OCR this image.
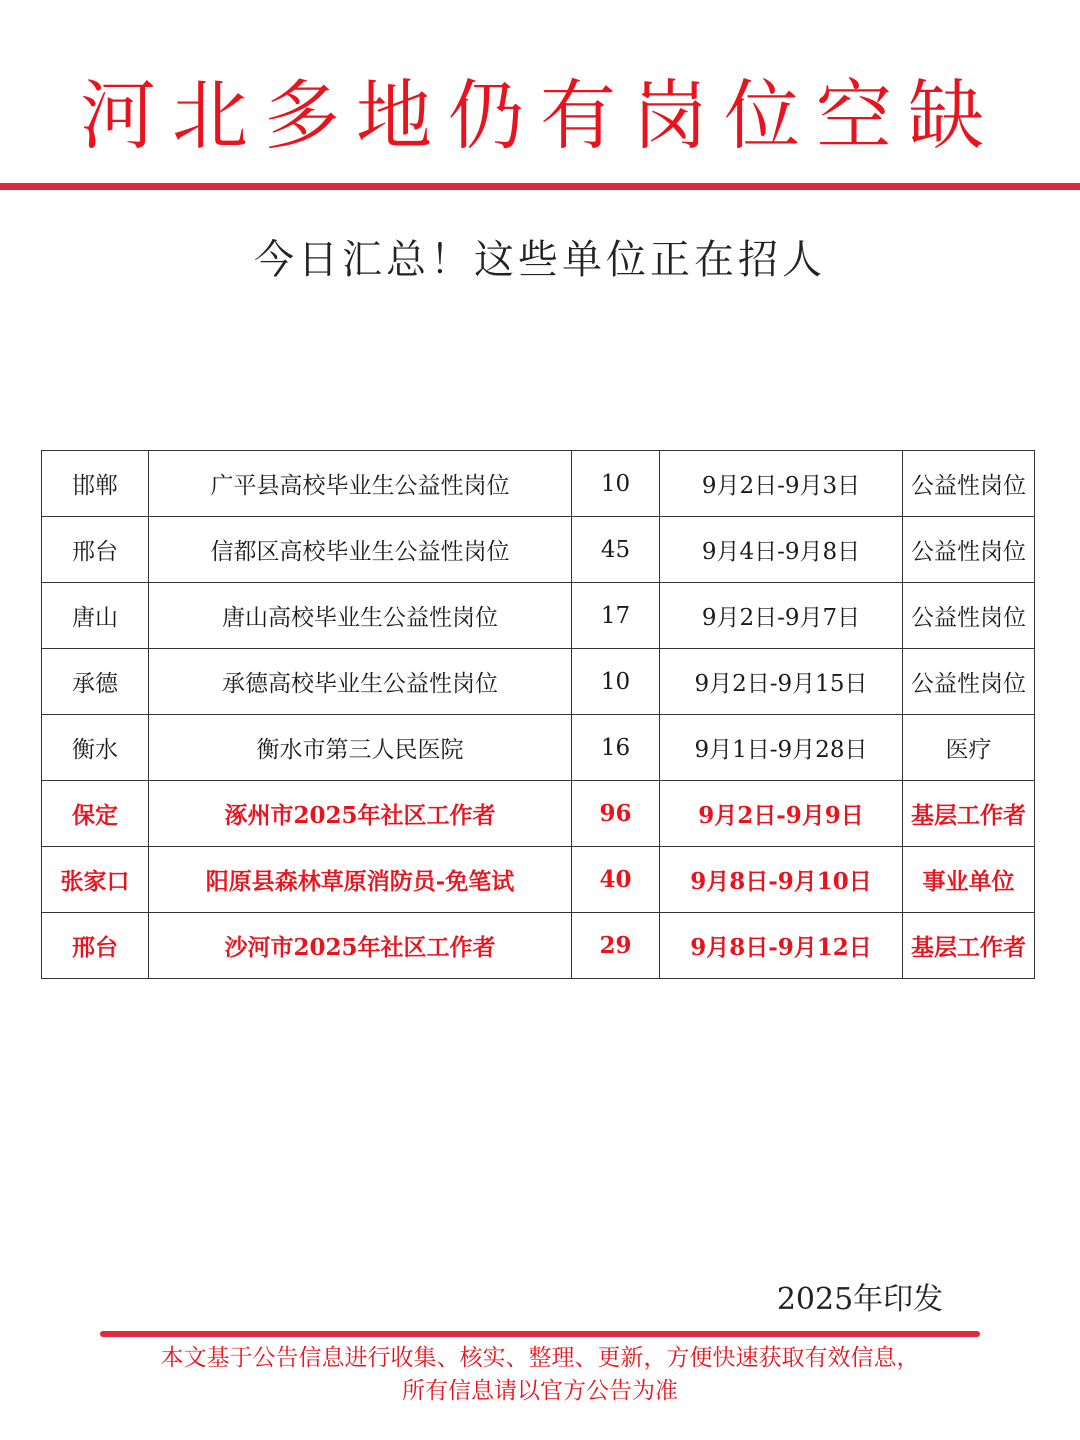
河北多地仍有岗位空缺
今日汇总！这些单位正在招人
邯郸	广平县高校毕业生公益性岗位	10	9月2日-9月3日	公益性岗位
邢台	信都区高校毕业生公益性岗位	45	9月4日-9月8日	公益性岗位
唐山	唐山高校毕业生公益性岗位	17	9月2日-9月7日	公益性岗位
承德	承德高校毕业生公益性岗位	10	9月2日-9月15日	公益性岗位
衡水	衡水市第三人民医院	16	9月1日-9月28日	医疗
保定	涿州市2025年社区工作者	96	9月2日-9月9日	基层工作者
张家口	阳原县森林草原消防员-免笔试	40	9月8日-9月10日	事业单位
邢台	沙河市2025年社区工作者	29	9月8日-9月12日	基层工作者
2025年印发
本文基于公告信息进行收集、核实、整理、更新，方便快速获取有效信息，
所有信息请以官方公告为准
